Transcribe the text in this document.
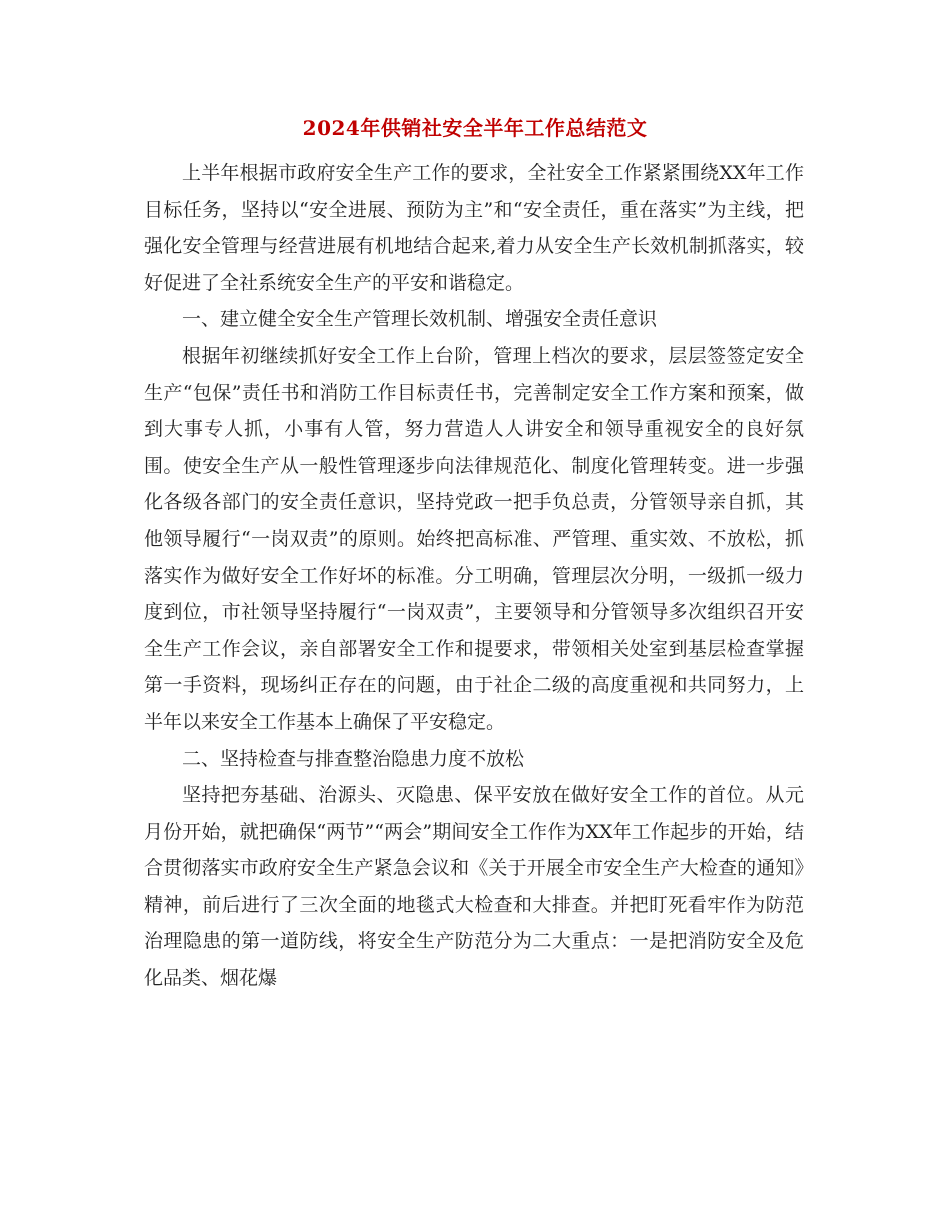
2024年供销社安全半年工作总结范文

上半年根据市政府安全生产工作的要求，全社安全工作紧紧围绕XX年工作目标任务，坚持以“安全进展、预防为主”和“安全责任，重在落实”为主线，把强化安全管理与经营进展有机地结合起来,着力从安全生产长效机制抓落实，较好促进了全社系统安全生产的平安和谐稳定。

一、建立健全安全生产管理长效机制、增强安全责任意识

根据年初继续抓好安全工作上台阶，管理上档次的要求，层层签签定安全生产“包保”责任书和消防工作目标责任书，完善制定安全工作方案和预案，做到大事专人抓，小事有人管，努力营造人人讲安全和领导重视安全的良好氛围。使安全生产从一般性管理逐步向法律规范化、制度化管理转变。进一步强化各级各部门的安全责任意识，坚持党政一把手负总责，分管领导亲自抓，其他领导履行“一岗双责”的原则。始终把高标准、严管理、重实效、不放松，抓落实作为做好安全工作好坏的标准。分工明确，管理层次分明，一级抓一级力度到位，市社领导坚持履行“一岗双责”，主要领导和分管领导多次组织召开安全生产工作会议，亲自部署安全工作和提要求，带领相关处室到基层检查掌握第一手资料，现场纠正存在的问题，由于社企二级的高度重视和共同努力，上半年以来安全工作基本上确保了平安稳定。

二、坚持检查与排查整治隐患力度不放松

坚持把夯基础、治源头、灭隐患、保平安放在做好安全工作的首位。从元月份开始，就把确保“两节”“两会”期间安全工作作为XX年工作起步的开始，结合贯彻落实市政府安全生产紧急会议和《关于开展全市安全生产大检查的通知》精神，前后进行了三次全面的地毯式大检查和大排查。并把盯死看牢作为防范治理隐患的第一道防线，将安全生产防范分为二大重点：一是把消防安全及危化品类、烟花爆
